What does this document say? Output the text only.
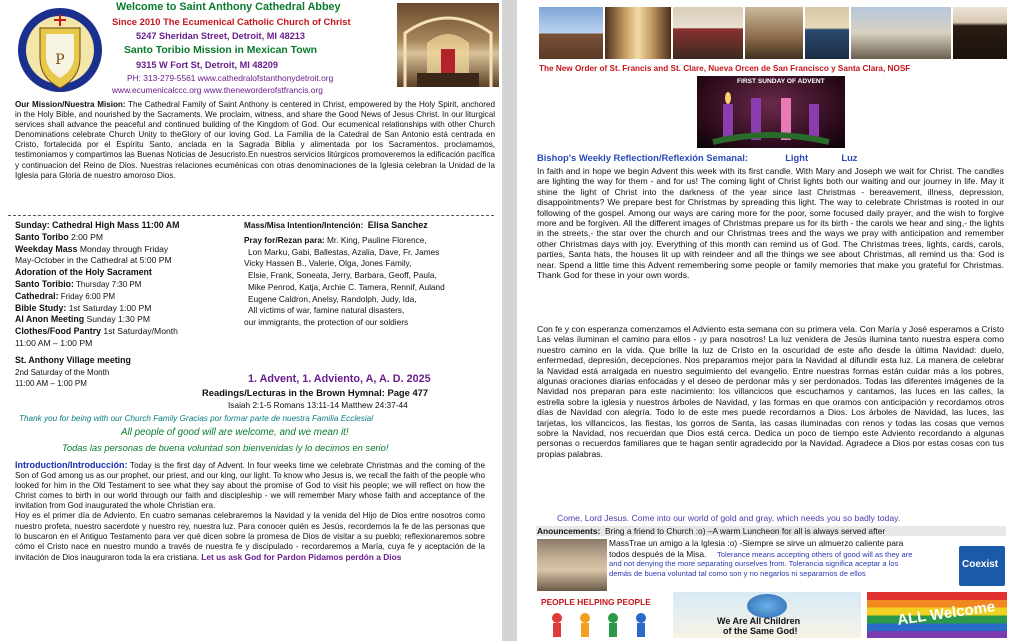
P
Welcome to Saint Anthony Cathedral Abbey
Since 2010 The Ecumenical Catholic Church of Christ
5247 Sheridan Street, Detroit, MI 48213
Santo Toribio Mission in Mexican Town
9315 W Fort St, Detroit, MI 48209
PH: 313-279-5561 www.cathedralofstanthonydetroit.org
www.ecumenicalccc.org www.theneworderofstfrancis.org
Our Mission/Nuestra Mision: The Cathedral Family of Saint Anthony is centered in Christ, empowered by the Holy Spirit, anchored in the Holy Bible, and nourished by the Sacraments. We proclaim, witness, and share the Good News of Jesus Christ. In our liturgical services shall advance the peaceful and continued building of the Kingdom of God. Our ecumenical relationships with other Church Denominations celebrate Church Unity to theGlory of our loving God. La Familia de la Catedral de San Antonio está centrada en Cristo, fortalecida por el Espíritu Santo, anclada en la Sagrada Biblia y alimentada por los Sacramentos. proclamamos, testimoniamos y compartimos las Buenas Noticias de Jesucristo.En nuestros servicios litúrgicos promoveremos la edificación pacífica y continuacion del Reino de Dios. Nuestras relaciones ecuménicas con otras denominaciones de la Iglesia celebran la Unidad de la Iglesia para Gloria de nuestro amoroso Dios.
Sunday: Cathedral High Mass 11:00 AM
Santo Toribo 2:00 PM
Weekday Mass Monday through Friday
May-October in the Cathedral at 5:00 PM
Adoration of the Holy Sacrament
Santo Toribio: Thursday 7:30 PM
Cathedral: Friday 6:00 PM
Bible Study: 1st Saturday 1:00 PM
Al Anon Meeting Sunday 1:30 PM
Clothes/Food Pantry 1st Saturday/Month
11:00 AM – 1:00 PM
St. Anthony Village meeting
2nd Saturday of the Month
11:00 AM – 1:00 PM
Mass/Misa Intention/Intención: Elisa Sanchez
Pray for/Rezan para: Mr. King, Pauline Florence,
Lon Marku, Gabi, Ballestas, Azalia, Dave, Fr. James
Vicky Hassen B., Valerie, Olga, Jones Family,
Elsie, Frank, Soneata, Jerry, Barbara, Geoff, Paula,
Mike Penrod, Katja, Archie C. Tamera, Rennif, Auland
Eugene Caldron, Anelsy, Randolph, Judy, Ida,
All victims of war, famine natural disasters,
our immigrants, the protection of our soldiers
1. Advent, 1. Adviento, A, A. D. 2025
Readings/Lecturas in the Brown Hymnal: Page 477
Isaiah 2:1-5 Romans 13:11-14 Matthew 24:37-44
Thank you for being with our Church Family Gracias por formar parte de nuestra Familia Ecclesial
All people of good will are welcome, and we mean it!
Todas las personas de buena voluntad son bienvenidas ly lo decimos en serio!
Introduction/Introducción: Today is the first day of Advent. In four weeks time we celebrate Christmas and the coming of the Son of God among us as our prophet, our priest, and our king, our light. To know who Jesus is, we recall the faith of the people who looked for him in the Old Testament to see what they say about the promise of God to visit his people; we will reflect on how the Christ comes to birth in our world through our faith and discipleship - we will remember Mary whose faith and acceptance of the invitation from God inaugurated the whole Christian era.
Hoy es el primer día de Adviento. En cuatro semanas celebraremos la Navidad y la venida del Hijo de Dios entre nosotros como nuestro profeta, nuestro sacerdote y nuestro rey, nuestra luz. Para conocer quién es Jesús, recordemos la fe de las personas que lo buscaron en el Antiguo Testamento para ver qué dicen sobre la promesa de Dios de visitar a su pueblo; reflexionaremos sobre cómo el Cristo nace en nuestro mundo a través de nuestra fe y discipulado - recordaremos a María, cuya fe y aceptación de la invitación de Dios inauguraron toda la era cristiana. Let us ask God for Pardon Pidamos perdón a Dios
The New Order of St. Francis and St. Clare, Nueva Orcen de San Francisco y Santa Clara, NOSF
FIRST SUNDAY OF ADVENT
Bishop's Weekly Reflection/Reflexión Semanal:	Light	Luz
In faith and in hope we begin Advent this week with its first candle. With Mary and Joseph we wait for Christ. The candles are lighting the way for them - and for us! The coming light of Christ lights both our waiting and our journey in life. May it shine the light of Christ into the darkness of the year since last Christmas - bereavement, illness, depression, disappointments? We prepare best for Christmas by spreading this light. The way to celebrate Christmas is rooted in our following of the gospel. Among our ways are caring more for the poor, some focused daily prayer, and the wish to forgive more and be forgiven. All the different images of Christmas prepare us for its birth - the carols we hear and sing,- the lights in the streets,- the star over the church and our Christmas trees and the ways we pray with anticipation and remember other Christmas days with joy. Everything of this month can remind us of God. The Christmas trees, lights, cards, carols, parties, Santa hats, the houses lit up with reindeer and all the things we see about Christmas, all remind us tha: God is near. Spend a little time this Advent remembering some people or family memories that make you grateful for Christmas. Thank God for these in your own words.
Con fe y con esperanza comenzamos el Adviento esta semana con su primera vela. Con María y José esperamos a Cristo Las velas iluminan el camino para ellos - ¡y para nosotros! La luz venidera de Jesús ilumina tanto nuestra espera como nuestro camino en la vida. Que brille la luz de Cristo en la oscuridad de este año desde la última Navidad: duelo, enfermedad, depresión, decepciones. Nos preparamos mejor para la Navidad al difundir esta luz. La manera de celebrar la Navidad está arraigada en nuestro seguimiento del evangelio. Entre nuestras formas están cuidar más a los pobres, algunas oraciones diarias enfocadas y el deseo de perdonar más y ser perdonados. Todas las diferentes imágenes de la Navidad nos preparan para este nacimiento: los villancicos que escuchamos y cantamos, las luces en las calles, la estrella sobre la iglesia y nuestros árboles de Navidad, y las formas en que oramos con anticipación y recordamos otros días de Navidad con alegría. Todo lo de este mes puede recordarnos a Dios. Los árboles de Navidad, las luces, las tarjetas, los villancicos, las fiestas, los gorros de Santa, las casas iluminadas con renos y todas las cosas que vemos sobre la Navidad, nos recuerdan que Dios está cerca. Dedica un poco de tiempo este Adviento recordando a algunas personas o recuerdos familiares que te hagan sentir agradecido por la Navidad. Agradece a Dios por estas cosas con tus propias palabras.
Come, Lord Jesus. Come into our world of gold and gray, which needs you so badly today.
Anouncements: Bring a friend to Church :o) –A warm Luncheon for all is always served after
MassTrae un amigo a la Iglesia :o) -Siempre se sirve un almuerzo caliente para
todos después de la Misa.	Tolerance means accepting others of good will as they are and not denying the more separating ourselves from. Tolerancia significa aceptar a los demás de buena voluntad tal como son y no negarlos ni separarnos de ellos
Coexist
PEOPLE HELPING PEOPLE
We Are All Children
of the Same God!
ALL Welcome
